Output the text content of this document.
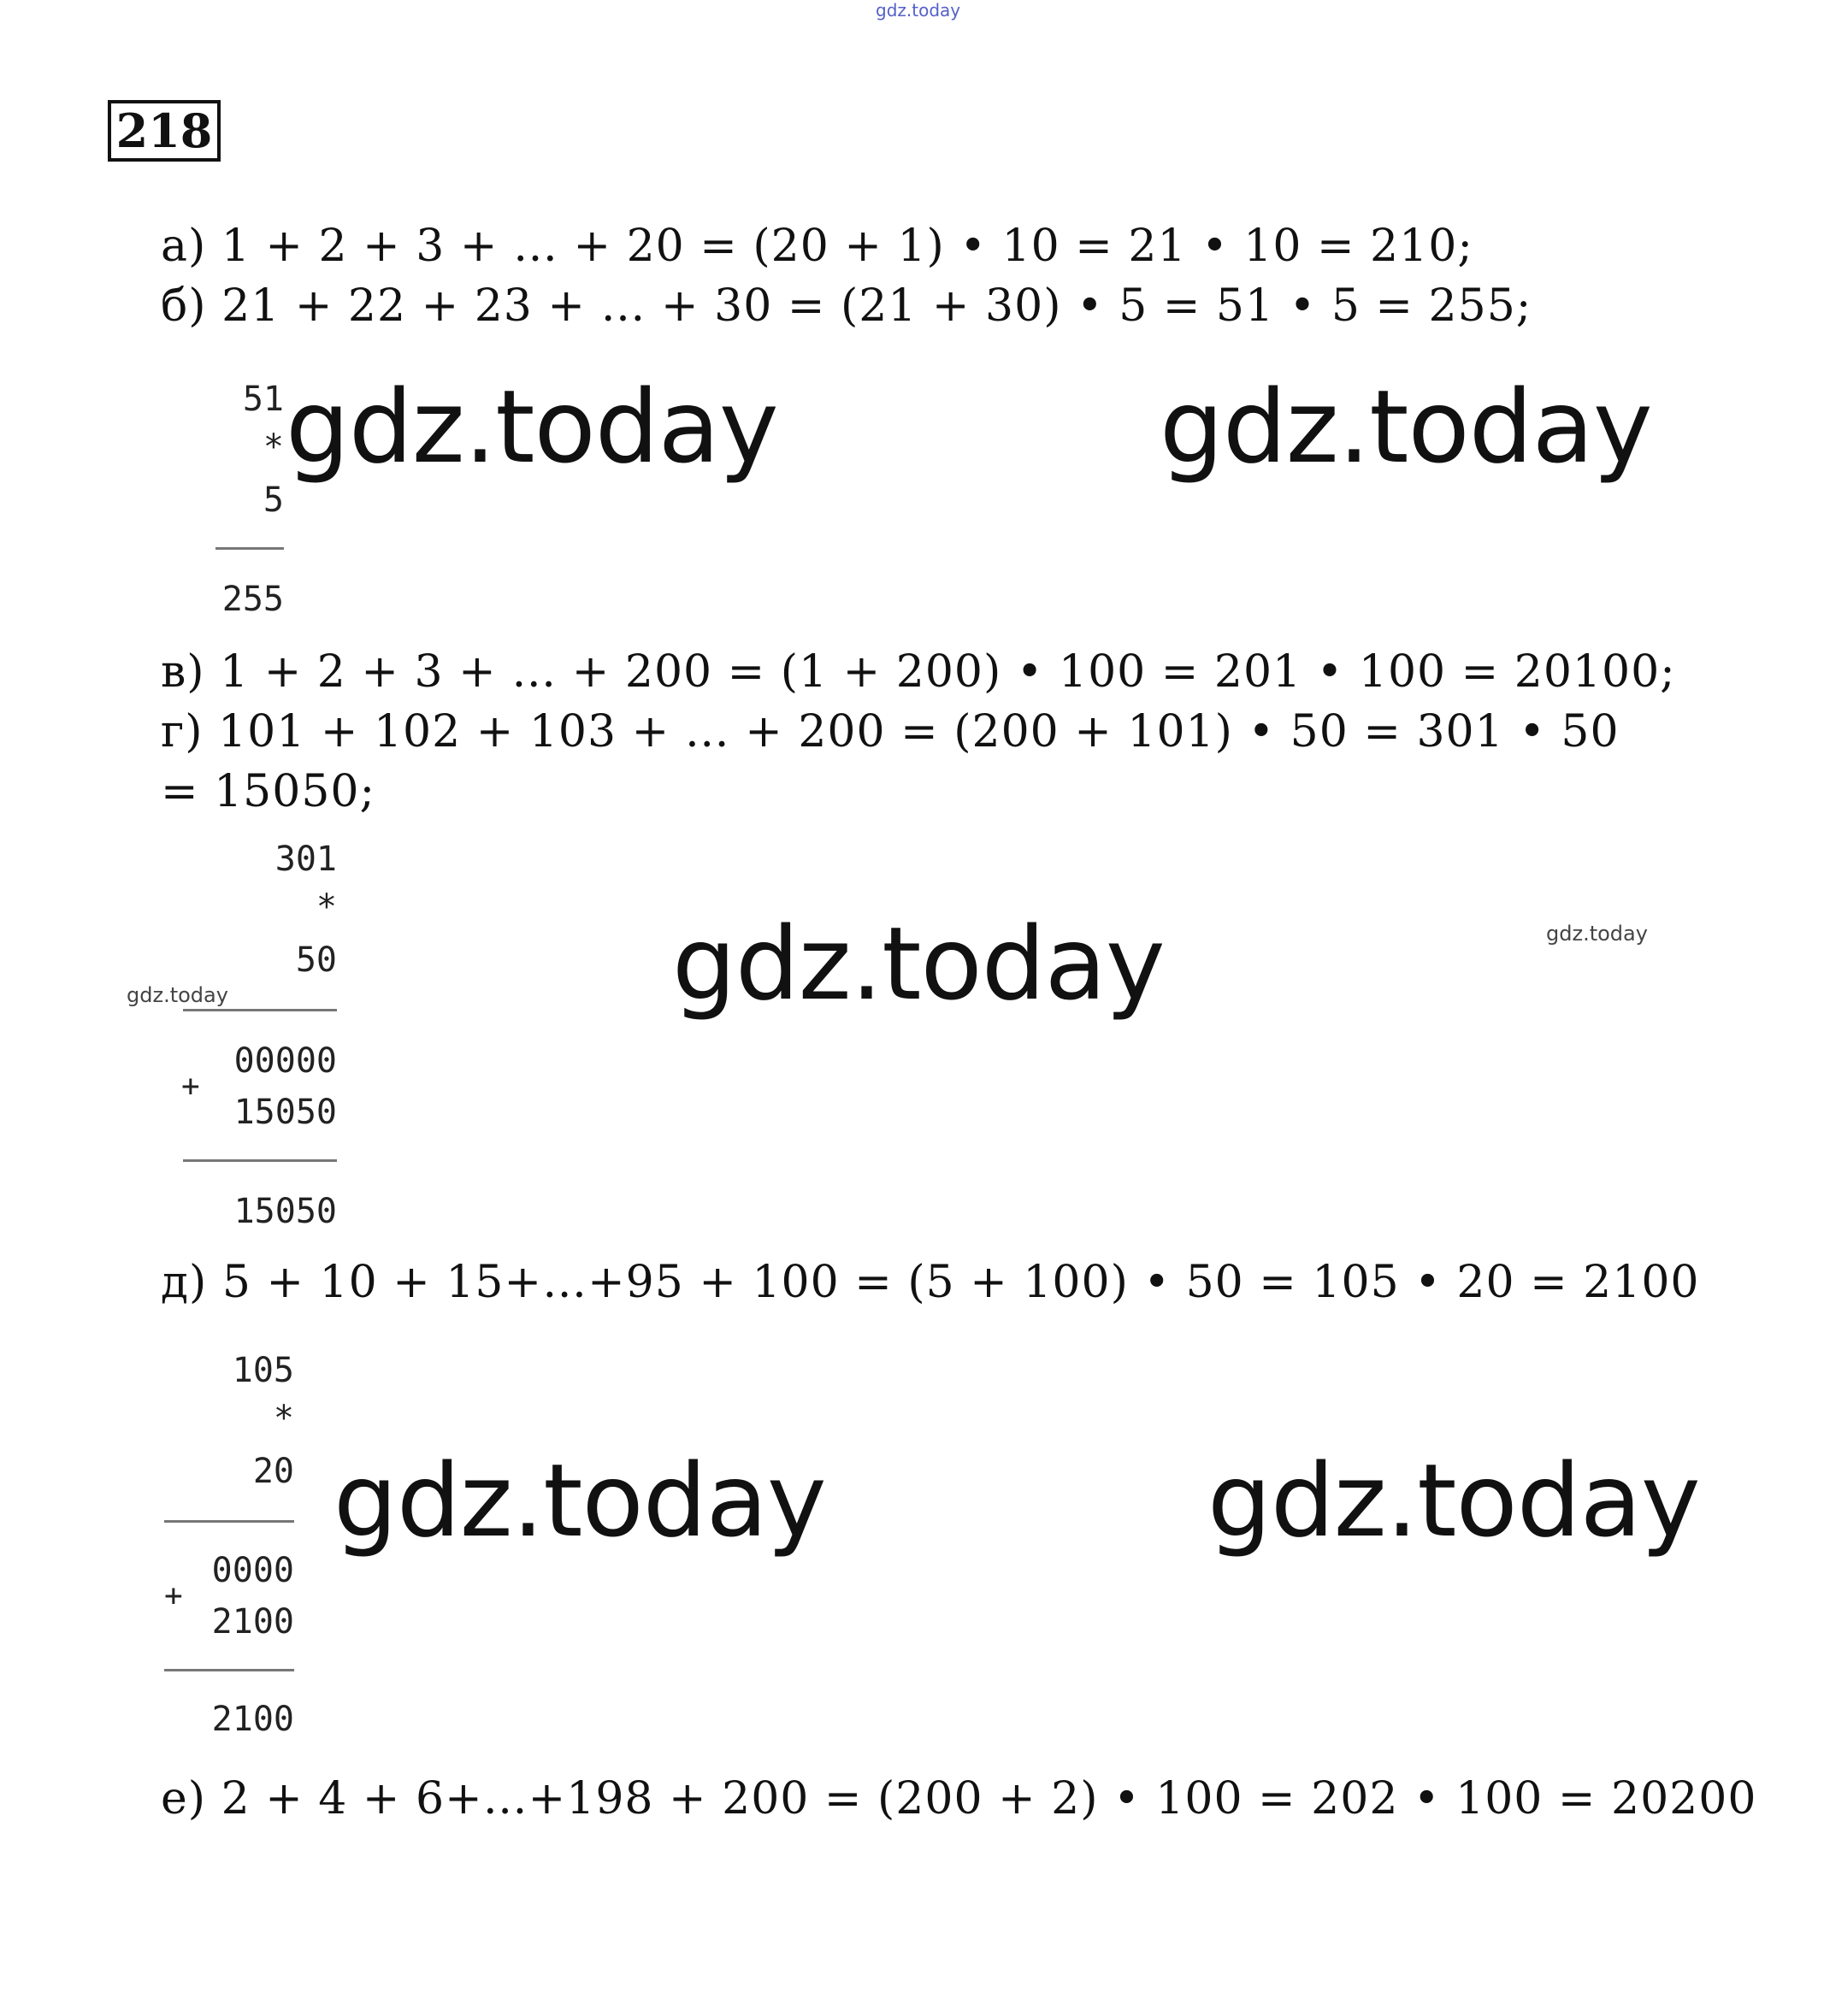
gdz.today
218
а) 1 + 2 + 3 + … + 20 = (20 + 1) • 10 = 21 • 10 = 210;
б) 21 + 22 + 23 + … + 30 = (21 + 30) • 5 = 51 • 5 = 255;
51
*
5
255
gdz.today	gdz.today
в) 1 + 2 + 3 + … + 200 = (1 + 200) • 100 = 201 • 100 = 20100;
г) 101 + 102 + 103 + … + 200 = (200 + 101) • 50 = 301 • 50
= 15050;
301
*
50
00000
+
15050
15050
gdz.today	gdz.today	gdz.today
д) 5 + 10 + 15+…+95 + 100 = (5 + 100) • 50 = 105 • 20 = 2100
105
*
20
0000
+
2100
2100
gdz.today	gdz.today
е) 2 + 4 + 6+…+198 + 200 = (200 + 2) • 100 = 202 • 100 = 20200
